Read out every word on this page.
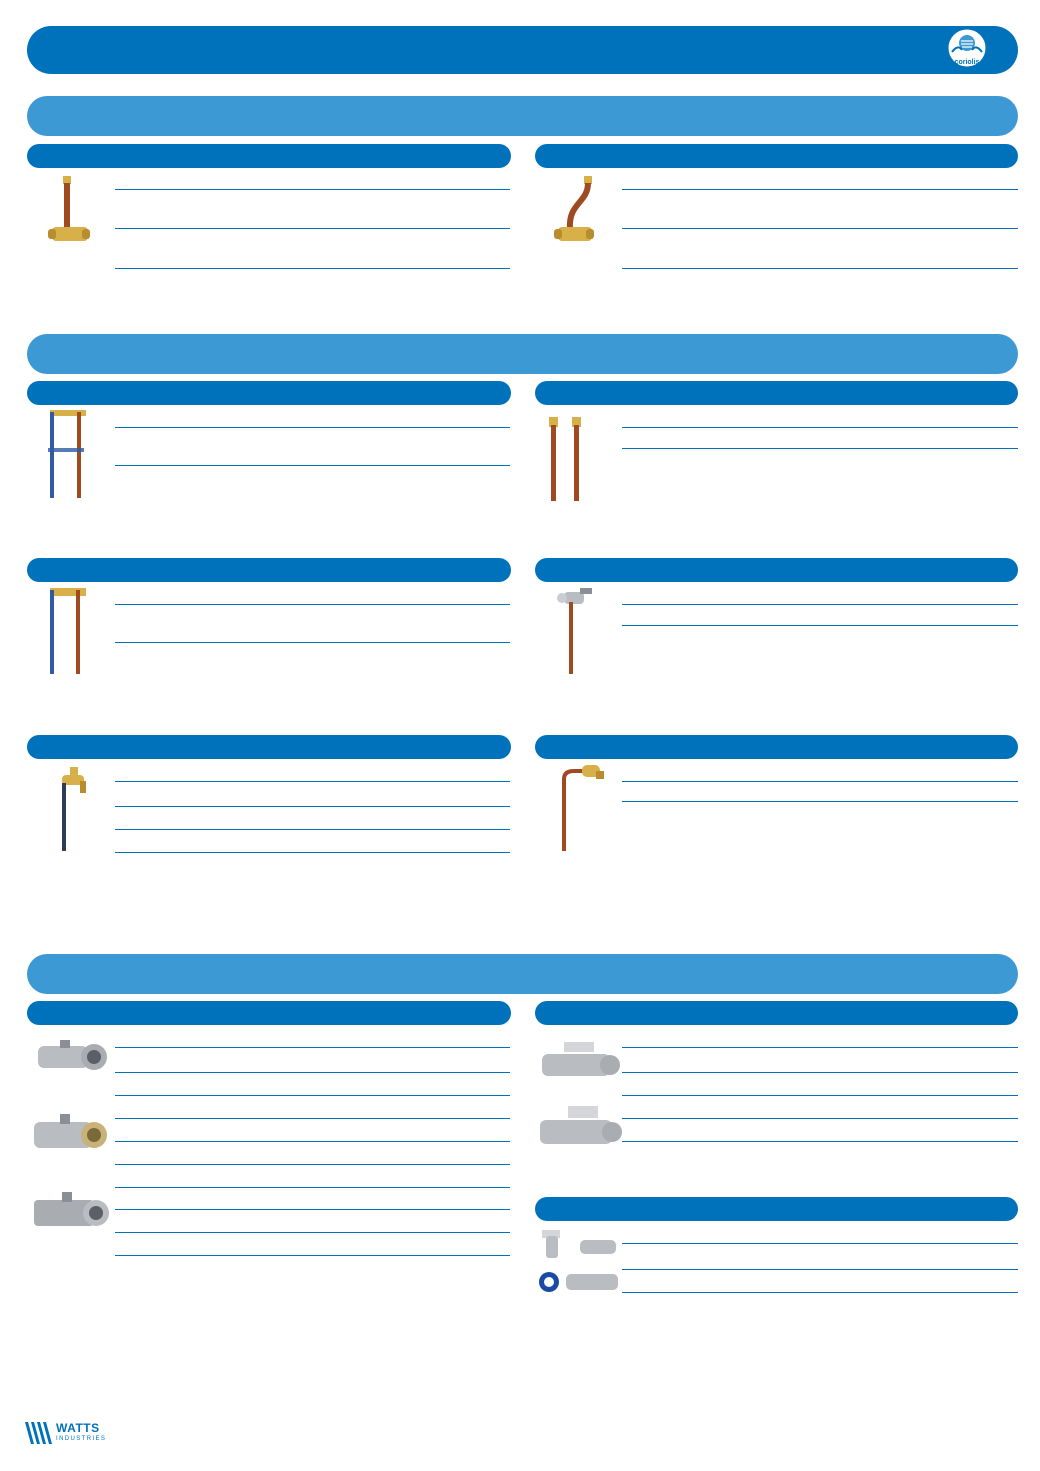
coriolis
WATTS
INDUSTRIES
